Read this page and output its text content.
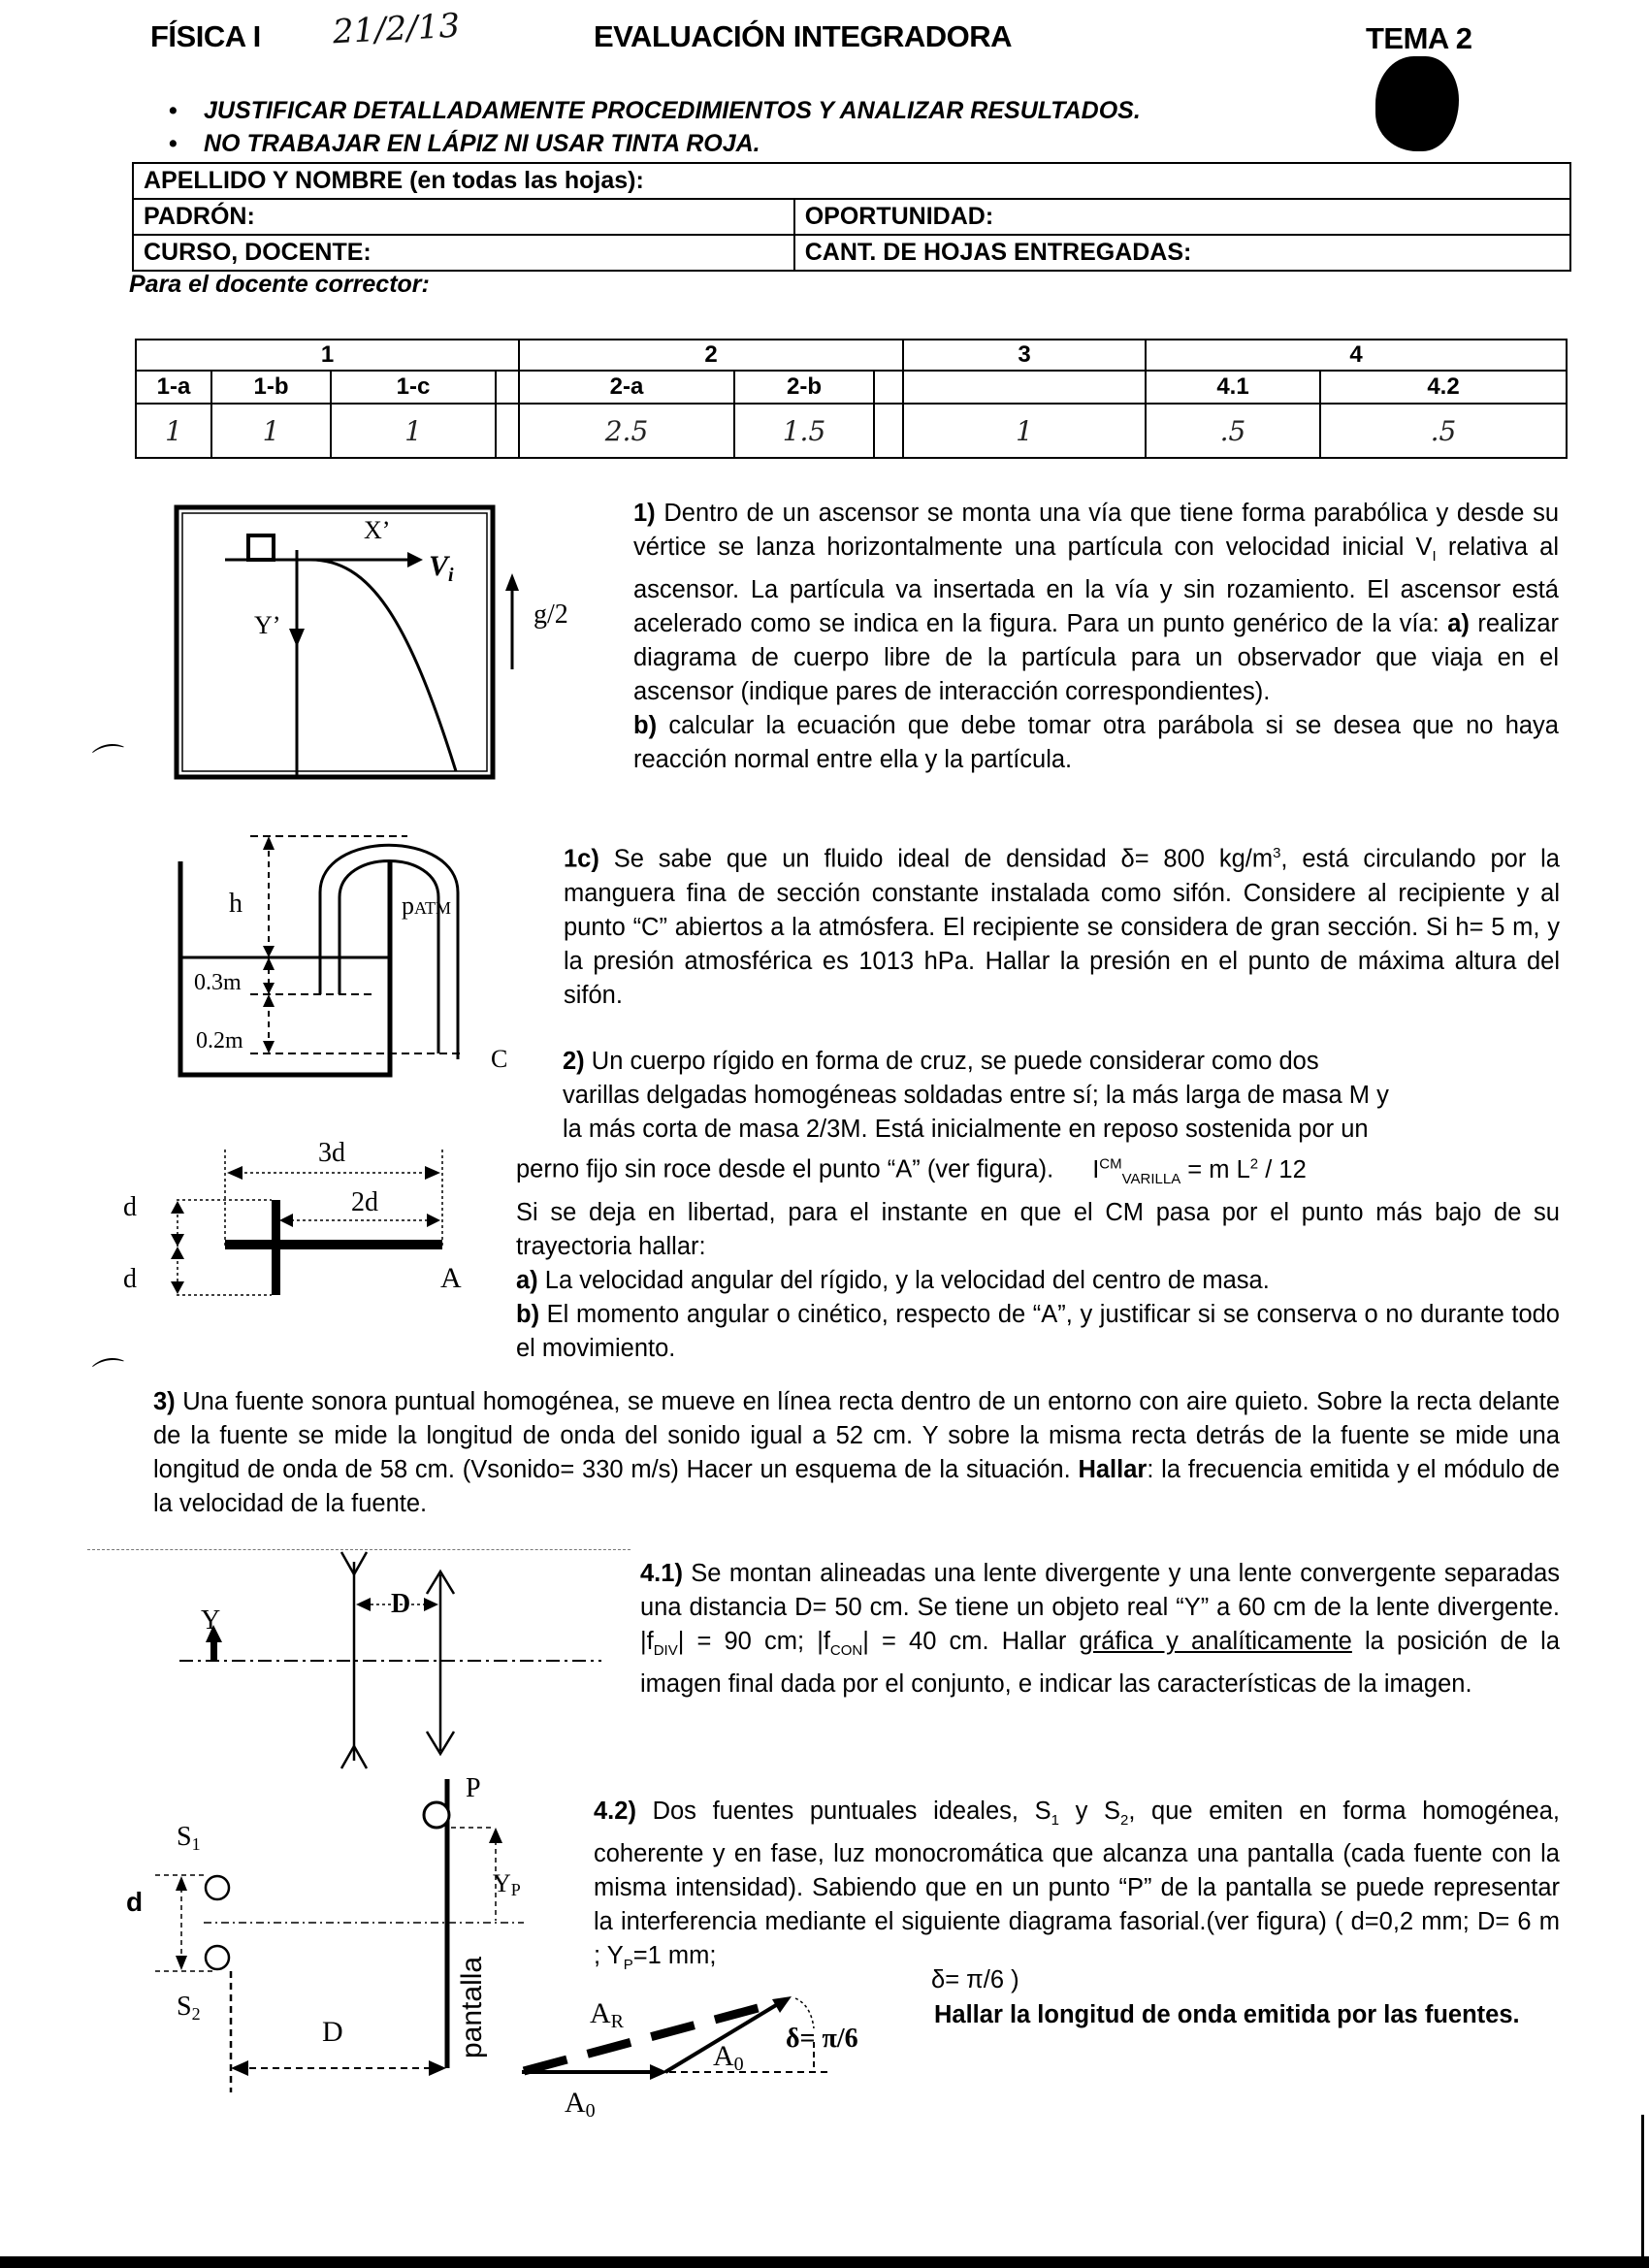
FÍSICA I 21/2/13	EVALUACIÓN INTEGRADORA	TEMA 2
• JUSTIFICAR DETALLADAMENTE PROCEDIMIENTOS Y ANALIZAR RESULTADOS.
• NO TRABAJAR EN LÁPIZ NI USAR TINTA ROJA.
APELLIDO Y NOMBRE (en todas las hojas):	
PADRÓN:	OPORTUNIDAD:
CURSO, DOCENTE:	CANT. DE HOJAS ENTREGADAS:
Para el docente corrector:
1				2			3	4	
1-a	1-b	1-c		2-a	2-b			4.1	4.2
1	1	1		2.5	1.5		1	.5	.5
X’
$V_i$
Y’	g/2
1) Dentro de un ascensor se monta una vía que tiene forma parabólica y desde su vértice se lanza horizontalmente una partícula con velocidad inicial $V_I$ relativa al ascensor. La partícula va insertada en la vía y sin rozamiento. El ascensor está acelerado como se indica en la figura. Para un punto genérico de la vía: a) realizar diagrama de cuerpo libre de la partícula para un observador que viaja en el ascensor (indique pares de interacción correspondientes).
b) calcular la ecuación que debe tomar otra parábola si se desea que no haya reacción normal entre ella y la partícula.
⌒
h	pATM
0.3m
0.2m
C
1c) Se sabe que un fluido ideal de densidad δ= 800 $kg/m^3$, está circulando por la manguera fina de sección constante instalada como sifón. Considere al recipiente y al punto “C” abiertos a la atmósfera. El recipiente se considera de gran sección. Si h= 5 m, y la presión atmosférica es 1013 hPa. Hallar la presión en el punto de máxima altura del sifón.
3d
2d
d
d	A
2) Un cuerpo rígido en forma de cruz, se puede considerar como dos
varillas delgadas homogéneas soldadas entre sí; la más larga de masa M y
la más corta de masa 2/3M. Está inicialmente en reposo sostenida por un
perno fijo sin roce desde el punto “A” (ver figura). $I^{CM}_{VARILLA} = m$ $L^2 / 12$
Si se deja en libertad, para el instante en que el CM pasa por el punto más bajo de su trayectoria hallar:
a) La velocidad angular del rígido, y la velocidad del centro de masa.
b) El momento angular o cinético, respecto de “A”, y justificar si se conserva o no durante todo el movimiento.
⌒
3) Una fuente sonora puntual homogénea, se mueve en línea recta dentro de un entorno con aire quieto. Sobre la recta delante de la fuente se mide la longitud de onda del sonido igual a 52 cm. Y sobre la misma recta detrás de la fuente se mide una longitud de onda de 58 cm. (Vsonido= 330 m/s) Hacer un esquema de la situación. Hallar: la frecuencia emitida y el módulo de la velocidad de la fuente.
D
Y
4.1) Se montan alineadas una lente divergente y una lente convergente separadas una distancia D= 50 cm. Se tiene un objeto real “Y” a 60 cm de la lente divergente. $|f_{DIV}| = 90$ cm; $|f_{CON}| = 40$ cm. Hallar gráfica y analíticamente la posición de la imagen final dada por el conjunto, e indicar las características de la imagen.
P
S1
S2
d
D
YP
pantalla	AR
A0
A0
δ= π/6
4.2) Dos fuentes puntuales ideales, $S_1$ y $S_2$, que emiten en forma homogénea, coherente y en fase, luz monocromática que alcanza una pantalla (cada fuente con la misma intensidad). Sabiendo que en un punto “P” de la pantalla se puede representar la interferencia mediante el siguiente diagrama fasorial.(ver figura) ( d=0,2 mm; D= 6 m ; $Y_P=1$ mm;
δ= π/6 )
Hallar la longitud de onda emitida por las fuentes.
